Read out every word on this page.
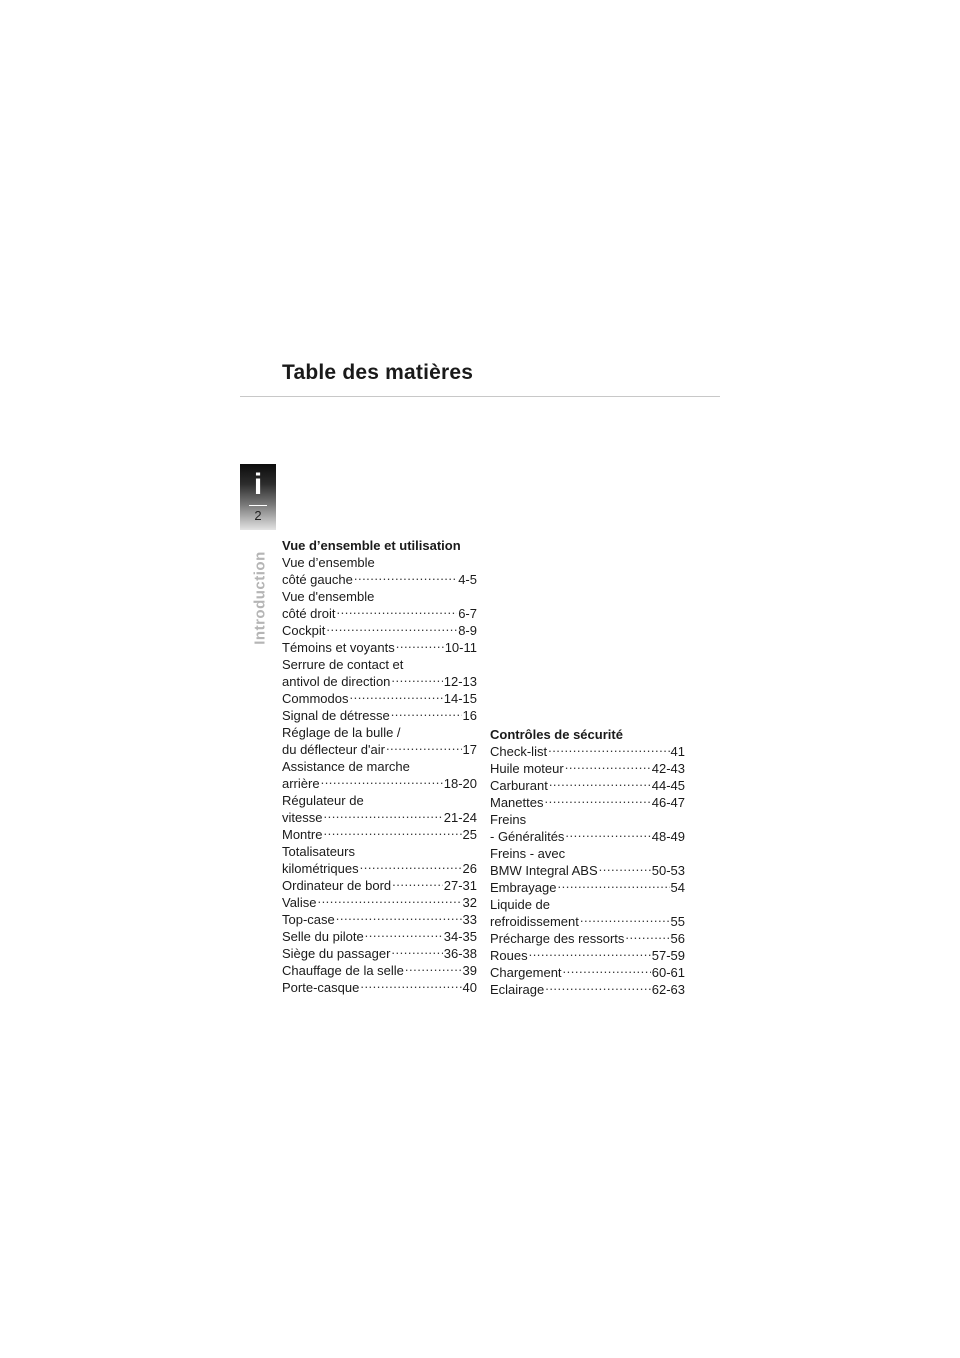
Table des matières
i
2
Introduction
Vue d’ensemble et utilisation
Vue d’ensemble
côté gauche .....	4-5
Vue d'ensemble
côté droit .....	6-7
Cockpit .....	8-9
Témoins et voyants .....	10-11
Serrure de contact et
antivol de direction .....	12-13
Commodos .....	14-15
Signal de détresse .....	16
Réglage de la bulle /
du déflecteur d'air .....	17
Assistance de marche
arrière .....	18-20
Régulateur de
vitesse .....	21-24
Montre .....	25
Totalisateurs
kilométriques .....	26
Ordinateur de bord .....	27-31
Valise .....	32
Top-case .....	33
Selle du pilote .....	34-35
Siège du passager .....	36-38
Chauffage de la selle .....	39
Porte-casque .....	40
Contrôles de sécurité
Check-list .....	41
Huile moteur .....	42-43
Carburant .....	44-45
Manettes .....	46-47
Freins
- Généralités .....	48-49
Freins - avec
BMW Integral ABS .....	50-53
Embrayage .....	54
Liquide de
refroidissement .....	55
Précharge des ressorts .....	56
Roues .....	57-59
Chargement .....	60-61
Eclairage .....	62-63
